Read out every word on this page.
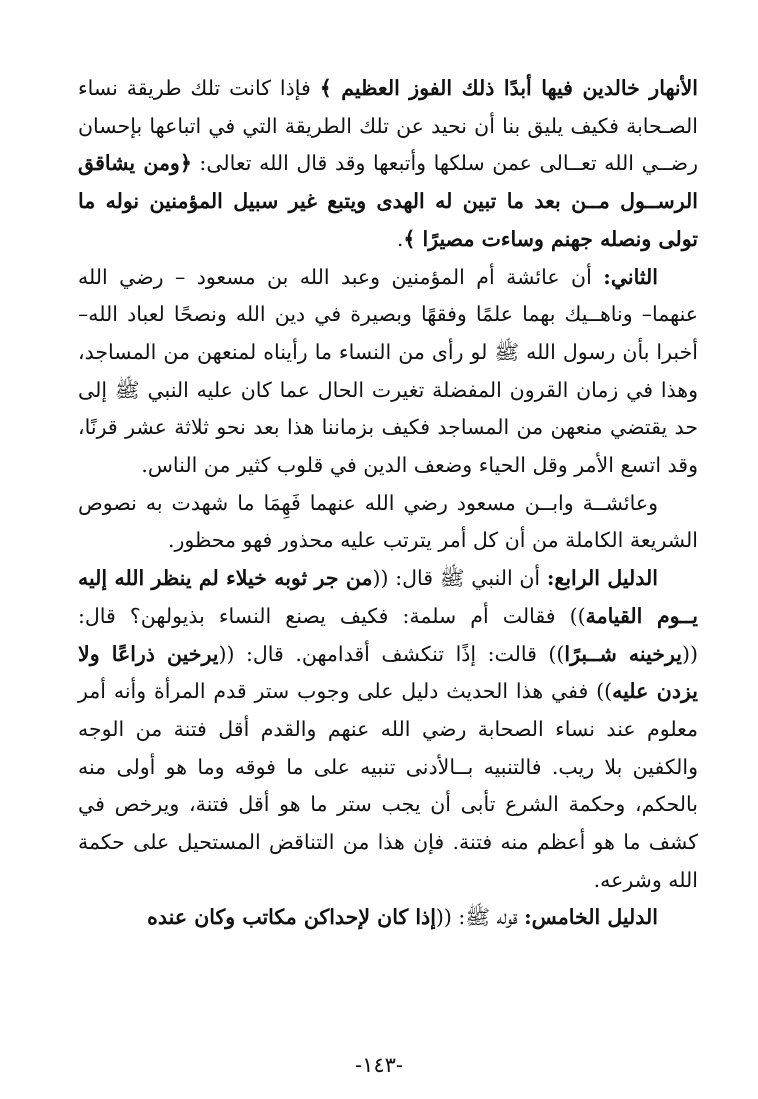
الأنهار خالدين فيها أبدًا ذلك الفوز العظيم ﴾ فإذا كانت تلك طريقة نساء الصـحابة فكيف يليق بنا أن نحيد عن تلك الطريقة التي في اتباعها بإحسان رضــي الله تعــالى عمن سلكها وأتبعها وقد قال الله تعالى: ﴿ومن يشاقق الرســول مــن بعد ما تبين له الهدى ويتبع غير سبيل المؤمنين نوله ما تولى ونصله جهنم وساءت مصيرًا ﴾.

الثاني: أن عائشة أم المؤمنين وعبد الله بن مسعود – رضي الله عنهما– وناهــيك بهما علمًا وفقهًا وبصيرة في دين الله ونصحًا لعباد الله– أخبرا بأن رسول الله ﷺ لو رأى من النساء ما رأيناه لمنعهن من المساجد، وهذا في زمان القرون المفضلة تغيرت الحال عما كان عليه النبي ﷺ إلى حد يقتضي منعهن من المساجد فكيف بزماننا هذا بعد نحو ثلاثة عشر قرنًا، وقد اتسع الأمر وقل الحياء وضعف الدين في قلوب كثير من الناس.

وعائشــة وابــن مسعود رضي الله عنهما فَهِمَا ما شهدت به نصوص الشريعة الكاملة من أن كل أمر يترتب عليه محذور فهو محظور.

الدليل الرابع: أن النبي ﷺ قال: ((من جر ثوبه خيلاء لم ينظر الله إليه يــوم القيامة)) فقالت أم سلمة: فكيف يصنع النساء بذيولهن؟ قال: ((يرخينه شــبرًا)) قالت: إذًا تنكشف أقدامهن. قال: ((يرخين ذراعًا ولا يزدن عليه)) ففي هذا الحديث دليل على وجوب ستر قدم المرأة وأنه أمر معلوم عند نساء الصحابة رضي الله عنهم والقدم أقل فتنة من الوجه والكفين بلا ريب. فالتنبيه بــالأدنى تنبيه على ما فوقه وما هو أولى منه بالحكم، وحكمة الشرع تأبى أن يجب ستر ما هو أقل فتنة، ويرخص في كشف ما هو أعظم منه فتنة. فإن هذا من التناقض المستحيل على حكمة الله وشرعه.

الدليل الخامس: قوله ﷺ: ((إذا كان لإحداكن مكاتب وكان عنده

-١٤٣-
